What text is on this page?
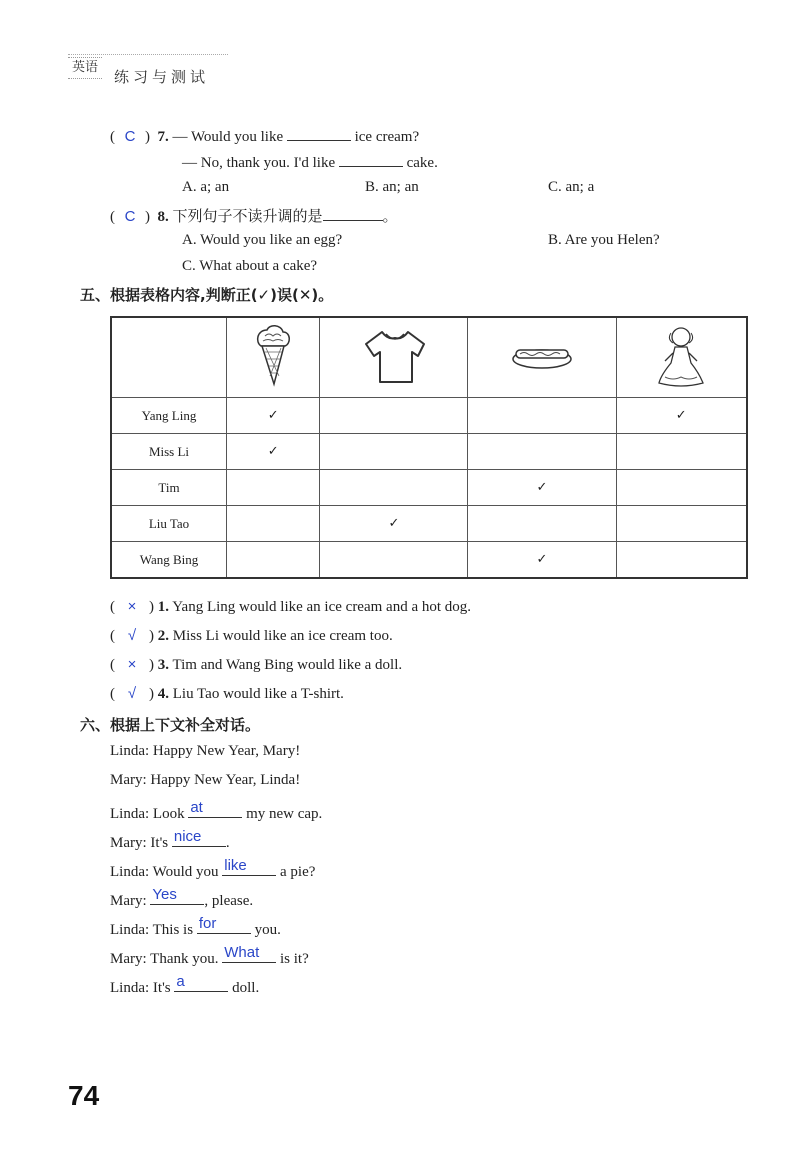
英语
练习与测试
( C )  7. — Would you like	ice cream?
— No, thank you. I'd like	cake.
A. a; an	B. an; an	C. an; a
( C )  8. 下列句子不读升调的是	。
A. Would you like an egg?	B. Are you Helen?
C. What about a cake?
五、根据表格内容,判断正(✓)误(✕)。

Yang Ling	✓			✓
Miss Li	✓			
Tim			✓	
Liu Tao		✓		
Wang Bing			✓	
( × ) 1. Yang Ling would like an ice cream and a hot dog.
( √ ) 2. Miss Li would like an ice cream too.
( × ) 3. Tim and Wang Bing would like a doll.
( √ ) 4. Liu Tao would like a T-shirt.
六、根据上下文补全对话。
Linda: Happy New Year, Mary!
Mary: Happy New Year, Linda!
Linda: Look at	my new cap.
Mary: It's nice .
Linda: Would you like a pie?
Mary: Yes , please.
Linda: This is for	you.
Mary: Thank you. What is it?
Linda: It's a	doll.
74
